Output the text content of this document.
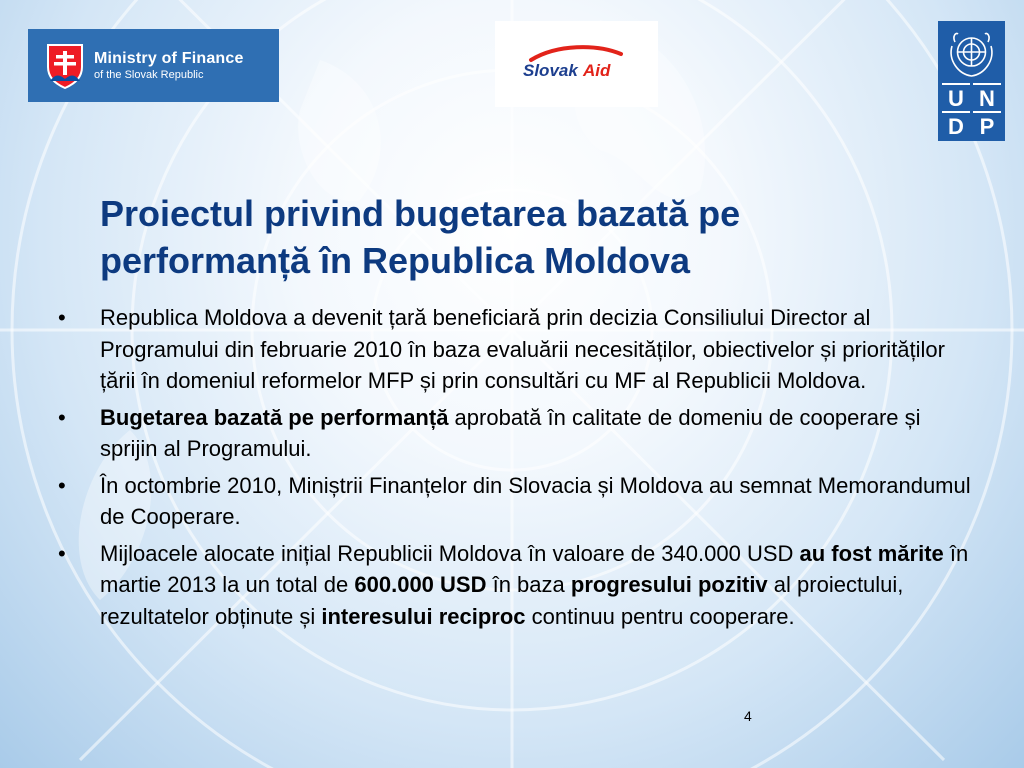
Ministry of Finance
of the Slovak Republic	Slovak Aid
U N
D P
Proiectul privind bugetarea bazată pe performanță în Republica Moldova
• Republica Moldova a devenit țară beneficiară prin decizia Consiliului Director al Programului din februarie 2010 în baza evaluării necesităților, obiectivelor și priorităților țării în domeniul reformelor MFP și prin consultări cu MF al Republicii Moldova.
• Bugetarea bazată pe performanță aprobată în calitate de domeniu de cooperare și sprijin al Programului.
• În octombrie 2010, Miniștrii Finanțelor din Slovacia și Moldova au semnat Memorandumul de Cooperare.
• Mijloacele alocate inițial Republicii Moldova în valoare de 340.000 USD au fost mărite în martie 2013 la un total de 600.000 USD în baza progresului pozitiv al proiectului, rezultatelor obținute și interesului reciproc continuu pentru cooperare.
4
